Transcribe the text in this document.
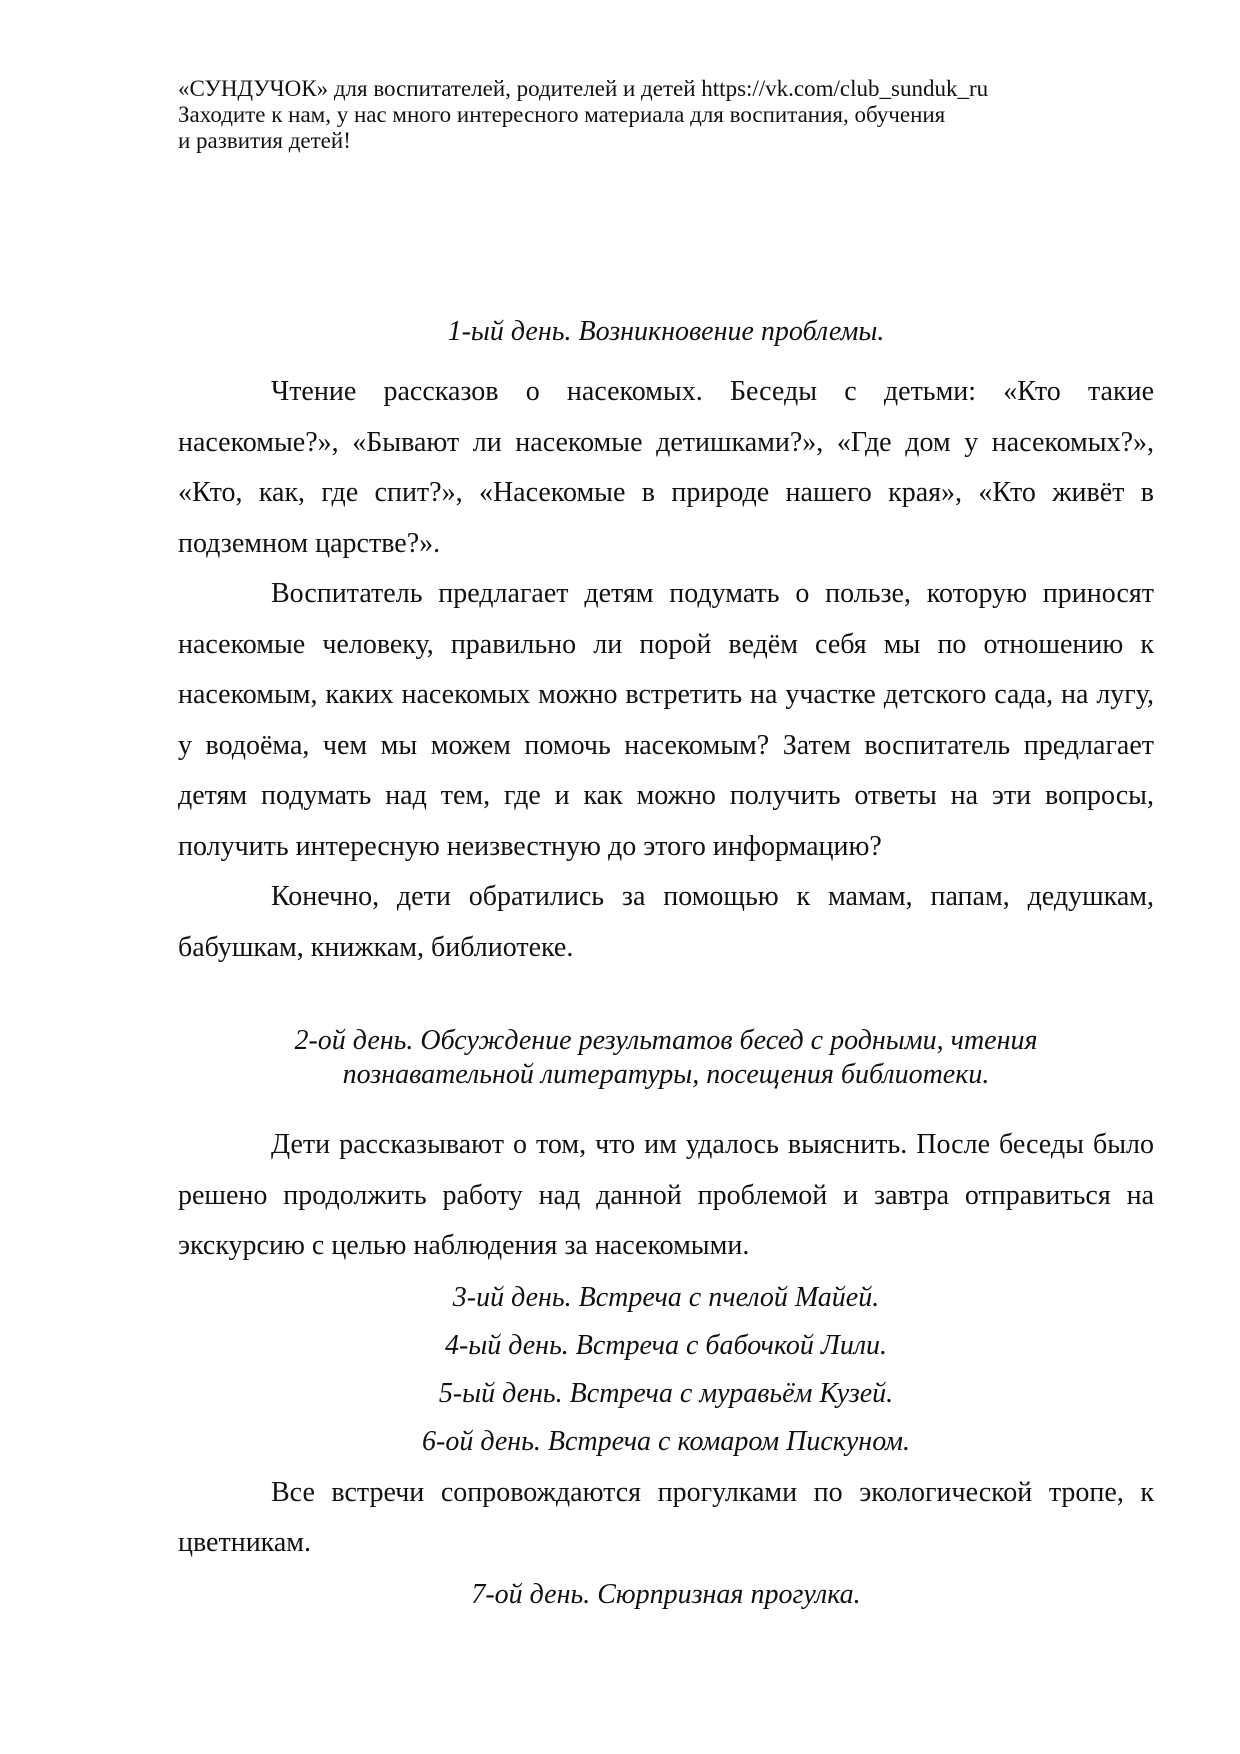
«СУНДУЧОК» для воспитателей, родителей и детей https://vk.com/club_sunduk_ru
Заходите к нам, у нас много интересного материала для воспитания, обучения
и развития детей!

1-ый день. Возникновение проблемы.

Чтение рассказов о насекомых. Беседы с детьми: «Кто такие насекомые?», «Бывают ли насекомые детишками?», «Где дом у насекомых?», «Кто, как, где спит?», «Насекомые в природе нашего края», «Кто живёт в подземном царстве?».

Воспитатель предлагает детям подумать о пользе, которую приносят насекомые человеку, правильно ли порой ведём себя мы по отношению к насекомым, каких насекомых можно встретить на участке детского сада, на лугу, у водоёма, чем мы можем помочь насекомым? Затем воспитатель предлагает детям подумать над тем, где и как можно получить ответы на эти вопросы, получить интересную неизвестную до этого информацию?

Конечно, дети обратились за помощью к мамам, папам, дедушкам, бабушкам, книжкам, библиотеке.

2-ой день. Обсуждение результатов бесед с родными, чтения
познавательной литературы, посещения библиотеки.

Дети рассказывают о том, что им удалось выяснить. После беседы было решено продолжить работу над данной проблемой и завтра отправиться на экскурсию с целью наблюдения за насекомыми.

3-ий день. Встреча с пчелой Майей.

4-ый день. Встреча с бабочкой Лили.

5-ый день. Встреча с муравьём Кузей.

6-ой день. Встреча с комаром Пискуном.

Все встречи сопровождаются прогулками по экологической тропе, к цветникам.

7-ой день. Сюрпризная прогулка.
